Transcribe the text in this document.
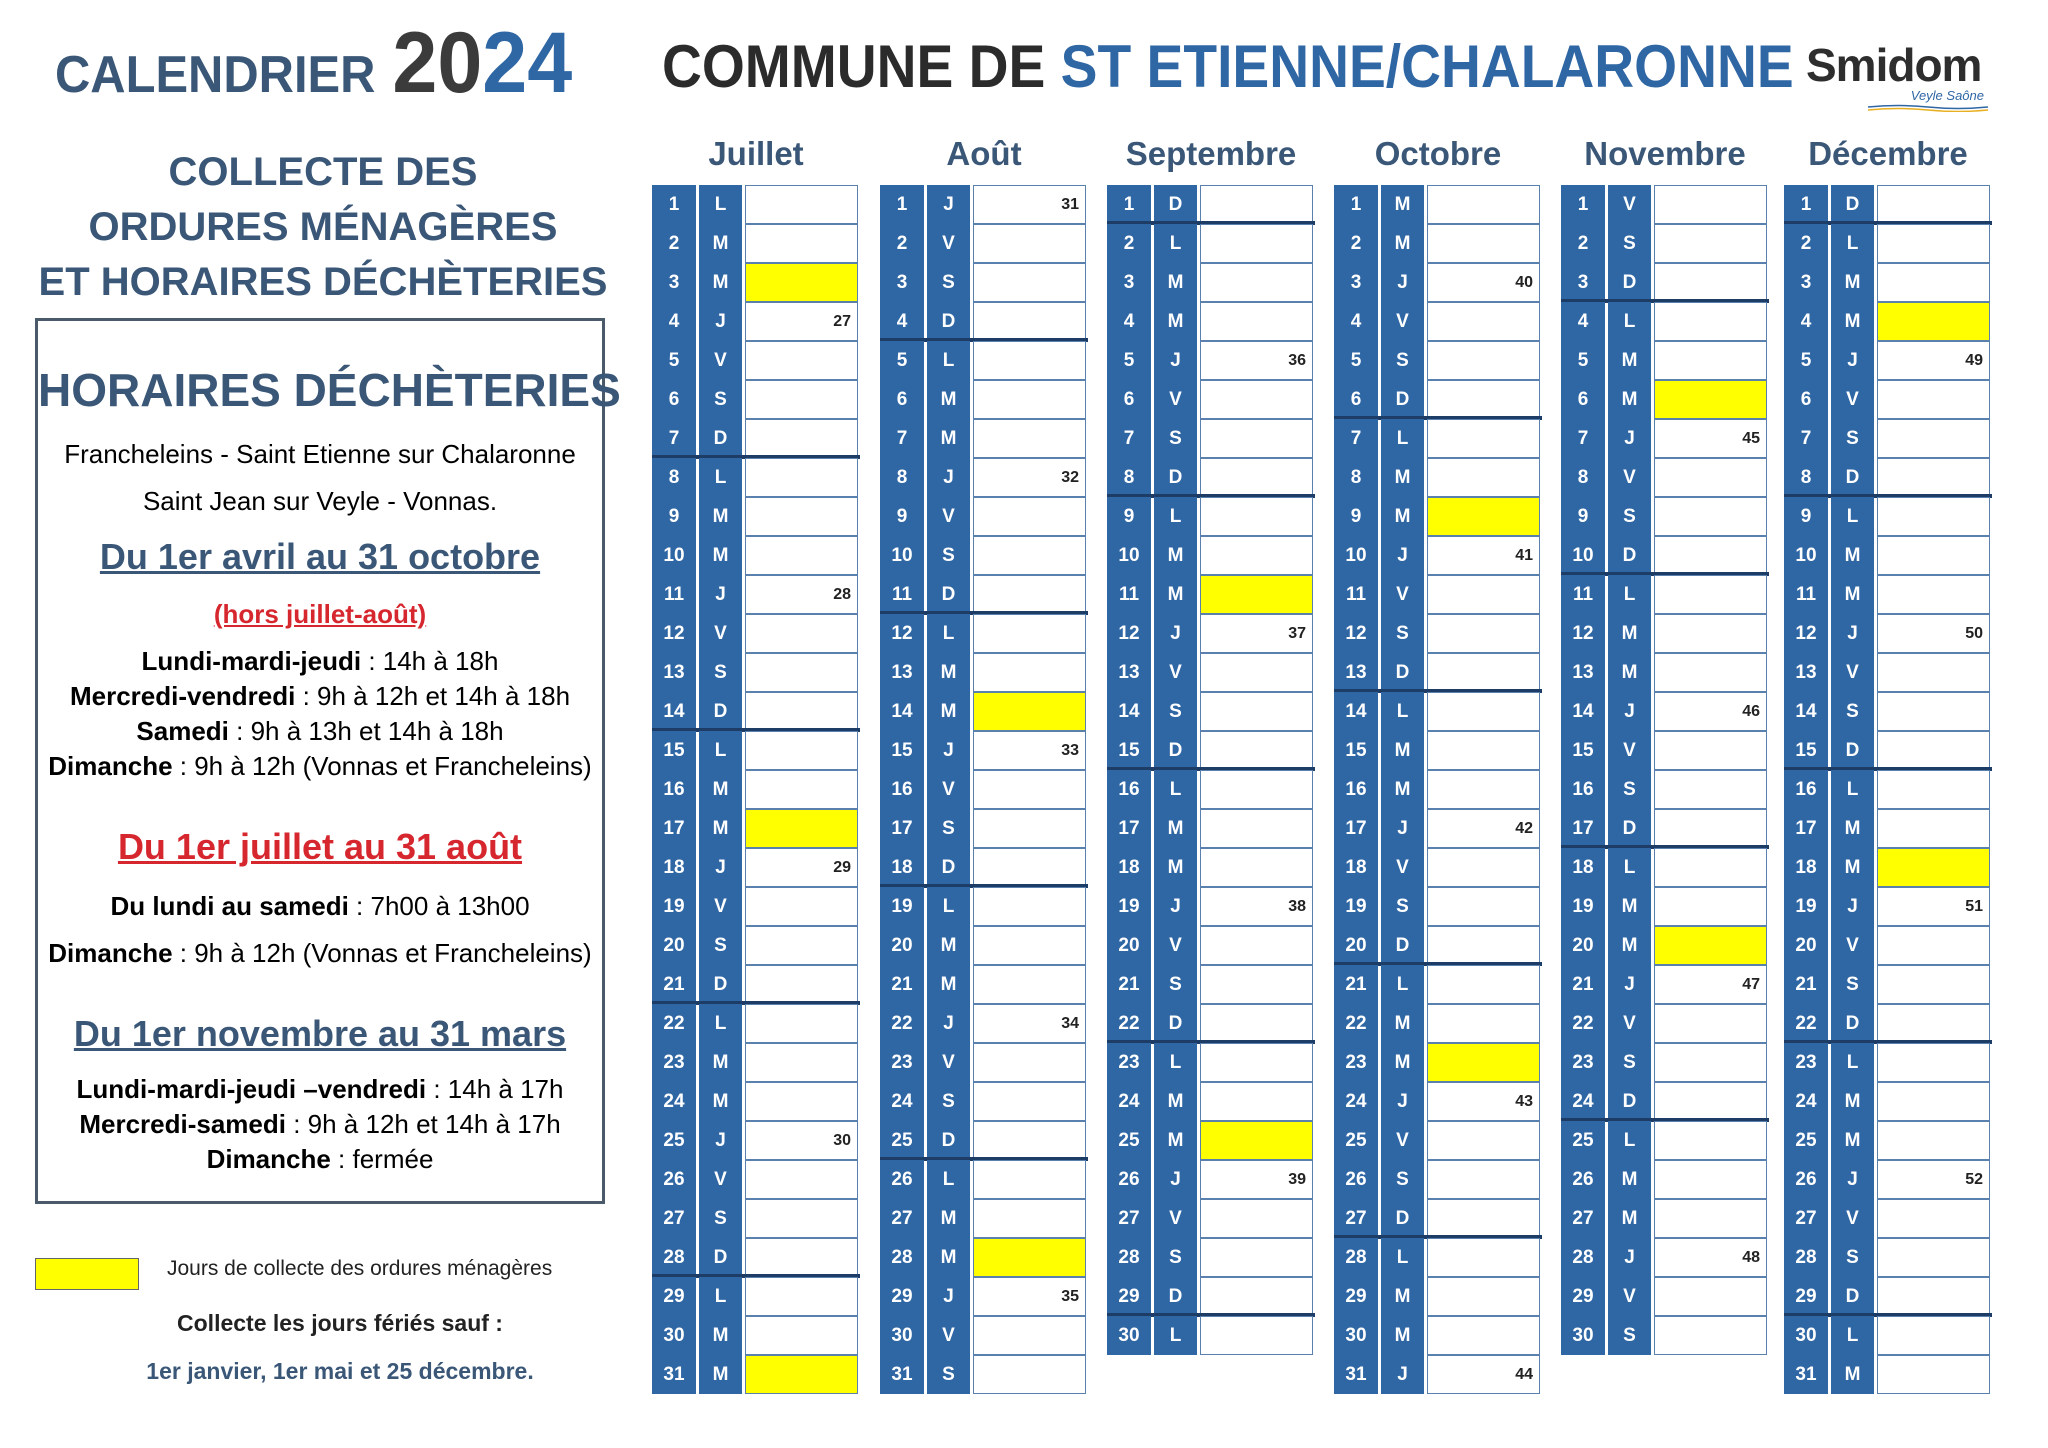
CALENDRIER 2024 COMMUNE DE ST ETIENNE/CHALARONNE Smidom
Veyle Saône
COLLECTE DES
ORDURES MÉNAGÈRES
ET HORAIRES DÉCHÈTERIES
HORAIRES DÉCHÈTERIES
Francheleins - Saint Etienne sur Chalaronne
Saint Jean sur Veyle - Vonnas.
Du 1er avril au 31 octobre
(hors juillet-août)
Lundi-mardi-jeudi : 14h à 18h
Mercredi-vendredi : 9h à 12h et 14h à 18h
Samedi : 9h à 13h et 14h à 18h
Dimanche : 9h à 12h (Vonnas et Francheleins)
Du 1er juillet au 31 août
Du lundi au samedi : 7h00 à 13h00
Dimanche : 9h à 12h (Vonnas et Francheleins)
Du 1er novembre au 31 mars
Lundi-mardi-jeudi –vendredi : 14h à 17h
Mercredi-samedi : 9h à 12h et 14h à 17h
Dimanche : fermée
Jours de collecte des ordures ménagères
Collecte les jours fériés sauf :
1er janvier, 1er mai et 25 décembre.
Juillet
1	L
2	M
3	M
4	J	27
5	V
6	S
7	D
8	L
9	M
10	M
11	J	28
12	V
13	S
14	D
15	L
16	M
17	M
18	J	29
19	V
20	S
21	D
22	L
23	M
24	M
25	J	30
26	V
27	S
28	D
29	L
30	M
31	M
Août
1	J	31
2	V
3	S
4	D
5	L
6	M
7	M
8	J	32
9	V
10	S
11	D
12	L
13	M
14	M
15	J	33
16	V
17	S
18	D
19	L
20	M
21	M
22	J	34
23	V
24	S
25	D
26	L
27	M
28	M
29	J	35
30	V
31	S
Septembre
1	D
2	L
3	M
4	M
5	J	36
6	V
7	S
8	D
9	L
10	M
11	M
12	J	37
13	V
14	S
15	D
16	L
17	M
18	M
19	J	38
20	V
21	S
22	D
23	L
24	M
25	M
26	J	39
27	V
28	S
29	D
30	L
Octobre
1	M
2	M
3	J	40
4	V
5	S
6	D
7	L
8	M
9	M
10	J	41
11	V
12	S
13	D
14	L
15	M
16	M
17	J	42
18	V
19	S
20	D
21	L
22	M
23	M
24	J	43
25	V
26	S
27	D
28	L
29	M
30	M
31	J	44
Novembre
1	V
2	S
3	D
4	L
5	M
6	M
7	J	45
8	V
9	S
10	D
11	L
12	M
13	M
14	J	46
15	V
16	S
17	D
18	L
19	M
20	M
21	J	47
22	V
23	S
24	D
25	L
26	M
27	M
28	J	48
29	V
30	S
Décembre
1	D
2	L
3	M
4	M
5	J	49
6	V
7	S
8	D
9	L
10	M
11	M
12	J	50
13	V
14	S
15	D
16	L
17	M
18	M
19	J	51
20	V
21	S
22	D
23	L
24	M
25	M
26	J	52
27	V
28	S
29	D
30	L
31	M
